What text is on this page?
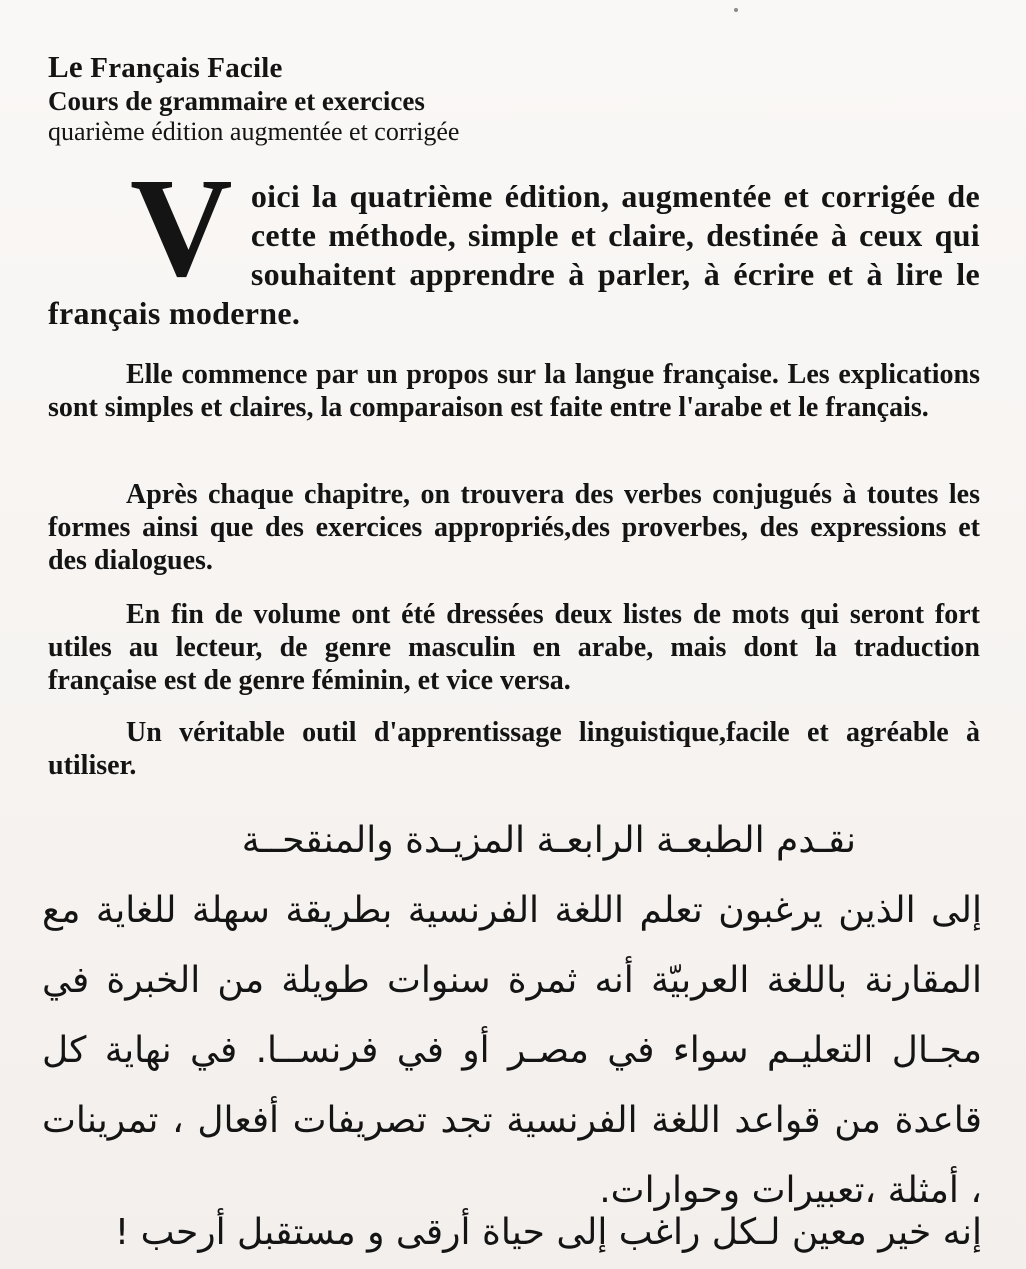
Le Français Facile

Cours de grammaire et exercices

quarième édition augmentée et corrigée

Voici la quatrième édition, augmentée et corrigée de cette méthode, simple et claire, destinée à ceux qui souhaitent apprendre à parler, à écrire et à lire le français moderne.

Elle commence par un propos sur la langue française. Les explications sont simples et claires, la comparaison est faite entre l'arabe et le français.

Après chaque chapitre, on trouvera des verbes conjugués à toutes les formes ainsi que des exercices appropriés,des proverbes, des expressions et des dialogues.

En fin de volume ont été dressées deux listes de mots qui seront fort utiles au lecteur, de genre masculin en arabe, mais dont la traduction française est de genre féminin, et vice versa.

Un véritable outil d'apprentissage linguistique,facile et agréable à utiliser.

نقـدم الطبعـة الرابعـة المزيـدة والمنقحــة

إلى الذين يرغبون تعلم اللغة الفرنسية بطريقة سهلة للغاية مع المقارنة باللغة العربيّة أنه ثمرة سنوات طويلة من الخبرة في مجـال التعليـم سواء في مصـر أو في فرنســا. في نهاية كل قاعدة من قواعد اللغة الفرنسية تجد تصريفات أفعال ، تمرينات ، أمثلة ،تعبيرات وحوارات.

إنه خير معين لـكل راغب إلى حياة أرقى و مستقبل أرحب !
